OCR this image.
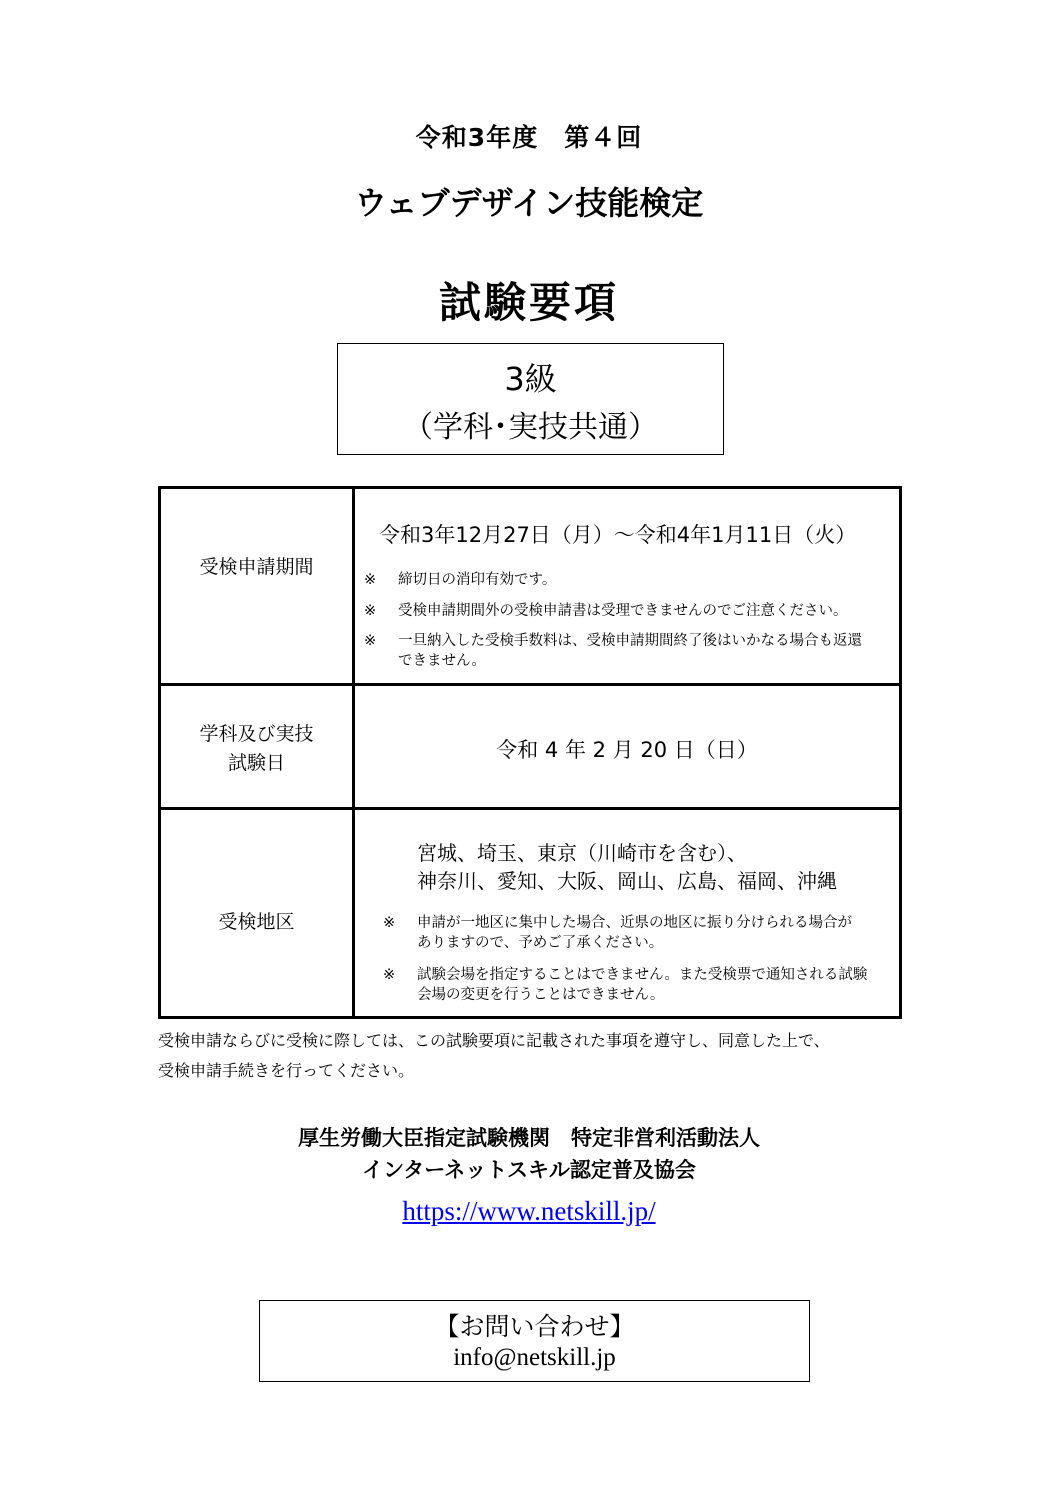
令和3年度　第４回
ウェブデザイン技能検定
試験要項
3級
（学科･実技共通）
受検申請期間
令和3年12月27日（月）～令和4年1月11日（火）
※ 締切日の消印有効です。
※ 受検申請期間外の受検申請書は受理できませんのでご注意ください。
※ 一旦納入した受検手数料は、受検申請期間終了後はいかなる場合も返還
できません。
学科及び実技
試験日
令和 4 年 2 月 20 日（日）
受検地区
宮城、埼玉、東京（川崎市を含む）、
神奈川、愛知、大阪、岡山、広島、福岡、沖縄
※ 申請が一地区に集中した場合、近県の地区に振り分けられる場合が
ありますので、予めご了承ください。
※ 試験会場を指定することはできません。また受検票で通知される試験
会場の変更を行うことはできません。
受検申請ならびに受検に際しては、この試験要項に記載された事項を遵守し、同意した上で、
受検申請手続きを行ってください。
厚生労働大臣指定試験機関　特定非営利活動法人
インターネットスキル認定普及協会
https://www.netskill.jp/
【お問い合わせ】
info@netskill.jp
